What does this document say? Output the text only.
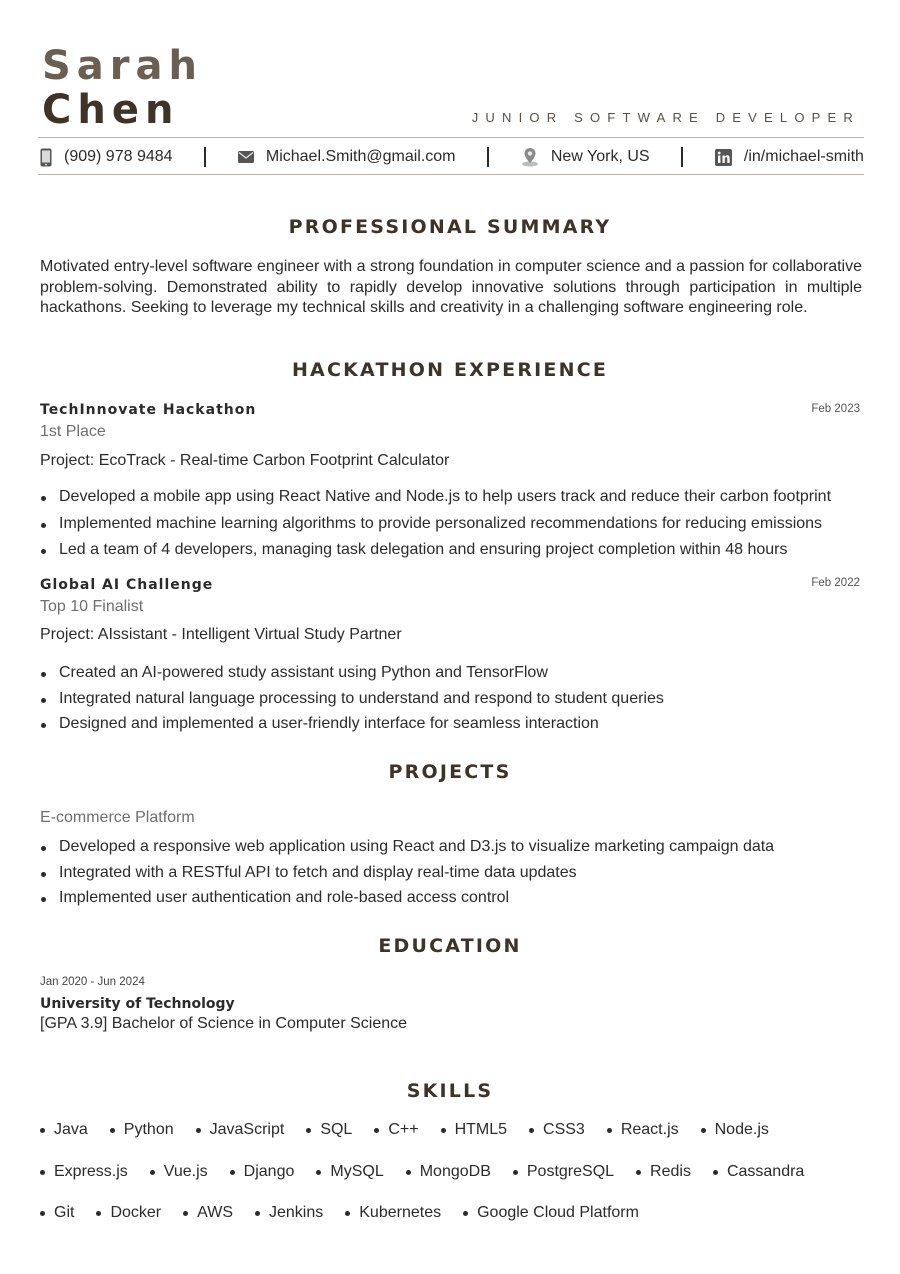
Sarah
Chen	JUNIOR SOFTWARE DEVELOPER
(909) 978 9484	Michael.Smith@gmail.com	New York, US	/in/michael-smith
PROFESSIONAL SUMMARY
Motivated entry-level software engineer with a strong foundation in computer science and a passion for collaborative problem-solving. Demonstrated ability to rapidly develop innovative solutions through participation in multiple hackathons. Seeking to leverage my technical skills and creativity in a challenging software engineering role.
HACKATHON EXPERIENCE
TechInnovate Hackathon	Feb 2023
1st Place
Project: EcoTrack - Real-time Carbon Footprint Calculator
Developed a mobile app using React Native and Node.js to help users track and reduce their carbon footprint
Implemented machine learning algorithms to provide personalized recommendations for reducing emissions
Led a team of 4 developers, managing task delegation and ensuring project completion within 48 hours
Global AI Challenge	Feb 2022
Top 10 Finalist
Project: AIssistant - Intelligent Virtual Study Partner
Created an AI-powered study assistant using Python and TensorFlow
Integrated natural language processing to understand and respond to student queries
Designed and implemented a user-friendly interface for seamless interaction
PROJECTS
E-commerce Platform
Developed a responsive web application using React and D3.js to visualize marketing campaign data
Integrated with a RESTful API to fetch and display real-time data updates
Implemented user authentication and role-based access control
EDUCATION
Jan 2020 - Jun 2024
University of Technology
[GPA 3.9] Bachelor of Science in Computer Science
SKILLS
Java	Python	JavaScript	SQL	C++	HTML5	CSS3	React.js	Node.js
Express.js	Vue.js	Django	MySQL	MongoDB	PostgreSQL	Redis	Cassandra
Git	Docker	AWS	Jenkins	Kubernetes	Google Cloud Platform
